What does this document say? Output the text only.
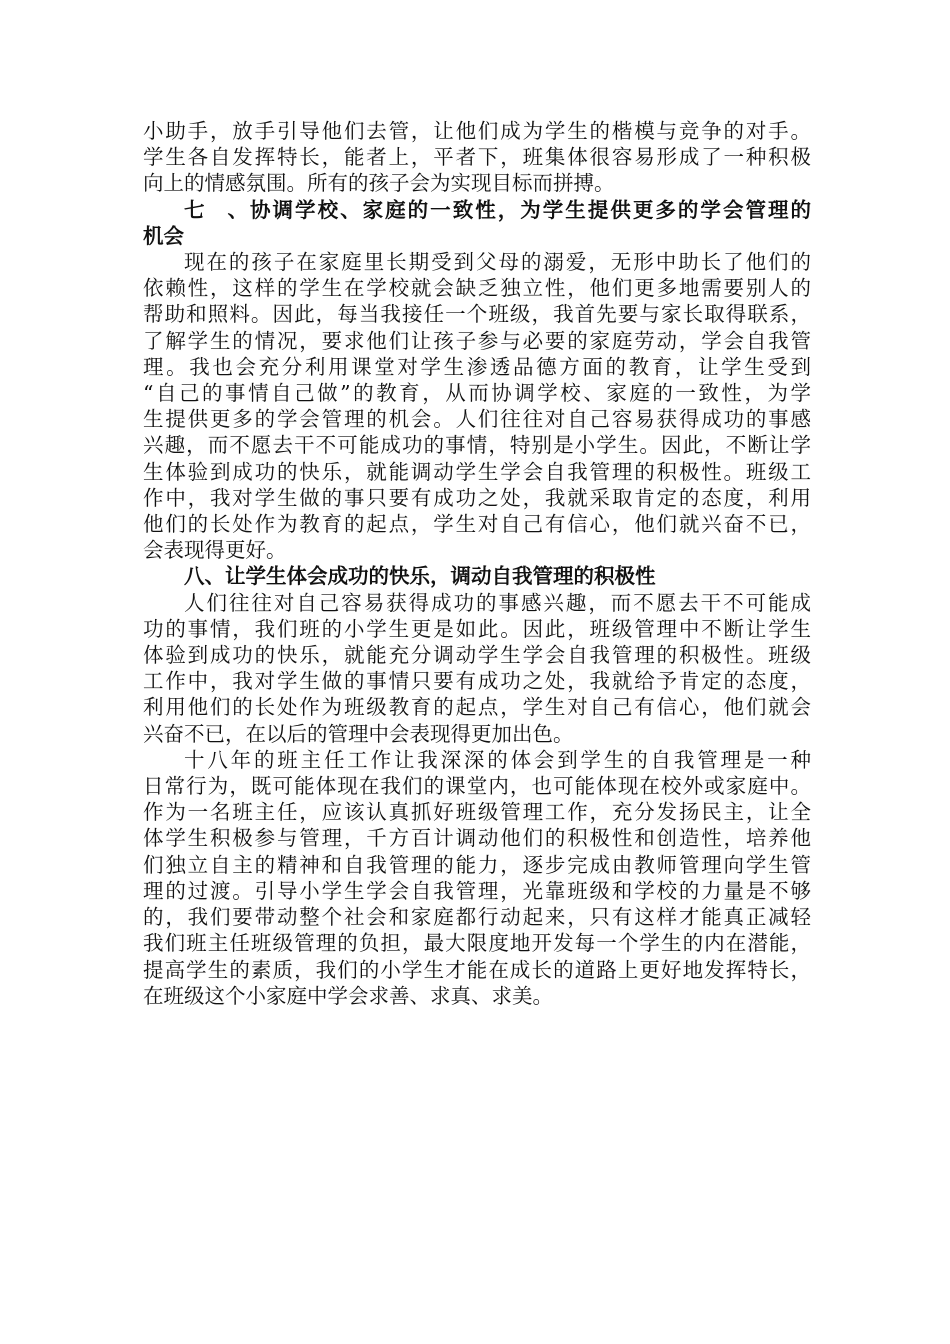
小助手，放手引导他们去管，让他们成为学生的楷模与竞争的对手。
学生各自发挥特长，能者上，平者下，班集体很容易形成了一种积极
向上的情感氛围。所有的孩子会为实现目标而拼搏。
七、协调学校、家庭的一致性，为学生提供更多的学会管理的
机会
现在的孩子在家庭里长期受到父母的溺爱，无形中助长了他们的
依赖性，这样的学生在学校就会缺乏独立性，他们更多地需要别人的
帮助和照料。因此，每当我接任一个班级，我首先要与家长取得联系，
了解学生的情况，要求他们让孩子参与必要的家庭劳动，学会自我管
理。我也会充分利用课堂对学生渗透品德方面的教育，让学生受到
“自己的事情自己做”的教育，从而协调学校、家庭的一致性，为学
生提供更多的学会管理的机会。人们往往对自己容易获得成功的事感
兴趣，而不愿去干不可能成功的事情，特别是小学生。因此，不断让学
生体验到成功的快乐，就能调动学生学会自我管理的积极性。班级工
作中，我对学生做的事只要有成功之处，我就采取肯定的态度，利用
他们的长处作为教育的起点，学生对自己有信心，他们就兴奋不已，
会表现得更好。
八、让学生体会成功的快乐，调动自我管理的积极性
人们往往对自己容易获得成功的事感兴趣，而不愿去干不可能成
功的事情，我们班的小学生更是如此。因此，班级管理中不断让学生
体验到成功的快乐，就能充分调动学生学会自我管理的积极性。班级
工作中，我对学生做的事情只要有成功之处，我就给予肯定的态度，
利用他们的长处作为班级教育的起点，学生对自己有信心，他们就会
兴奋不已，在以后的管理中会表现得更加出色。
十八年的班主任工作让我深深的体会到学生的自我管理是一种
日常行为，既可能体现在我们的课堂内，也可能体现在校外或家庭中。
作为一名班主任，应该认真抓好班级管理工作，充分发扬民主，让全
体学生积极参与管理，千方百计调动他们的积极性和创造性，培养他
们独立自主的精神和自我管理的能力，逐步完成由教师管理向学生管
理的过渡。引导小学生学会自我管理，光靠班级和学校的力量是不够
的，我们要带动整个社会和家庭都行动起来，只有这样才能真正减轻
我们班主任班级管理的负担，最大限度地开发每一个学生的内在潜能，
提高学生的素质，我们的小学生才能在成长的道路上更好地发挥特长，
在班级这个小家庭中学会求善、求真、求美。
